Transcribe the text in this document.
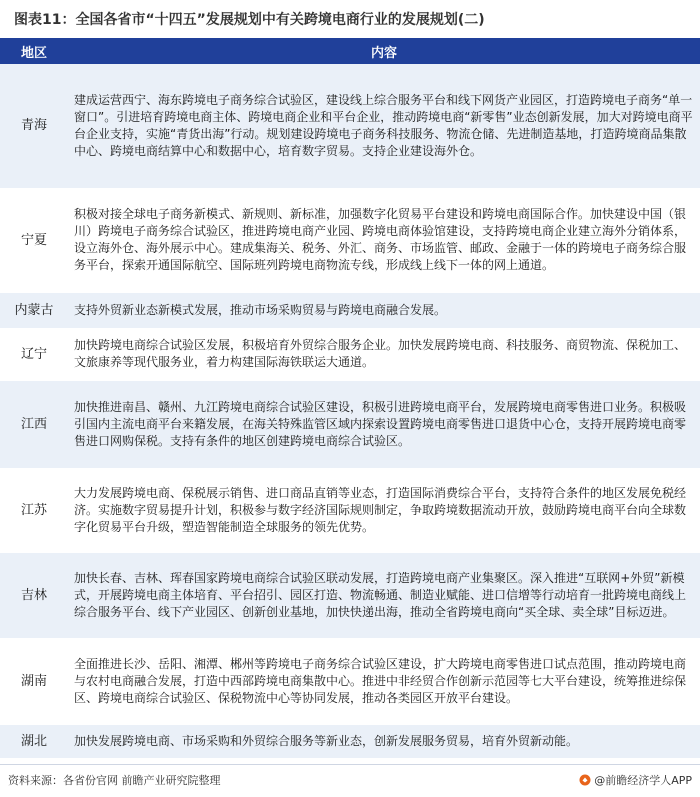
图表11：全国各省市“十四五”发展规划中有关跨境电商行业的发展规划(二)
地区	内容
青海	建成运营西宁、海东跨境电子商务综合试验区，建设线上综合服务平台和线下网货产业园区，打造跨境电子商务“单一窗口”。引进培育跨境电商主体、跨境电商企业和平台企业，推动跨境电商“新零售”业态创新发展，加大对跨境电商平台企业支持，实施“青货出海”行动。规划建设跨境电子商务科技服务、物流仓储、先进制造基地，打造跨境商品集散中心、跨境电商结算中心和数据中心，培育数字贸易。支持企业建设海外仓。
宁夏	积极对接全球电子商务新模式、新规则、新标准，加强数字化贸易平台建设和跨境电商国际合作。加快建设中国（银川）跨境电子商务综合试验区，推进跨境电商产业园、跨境电商体验馆建设，支持跨境电商企业建立海外分销体系，设立海外仓、海外展示中心。建成集海关、税务、外汇、商务、市场监管、邮政、金融于一体的跨境电子商务综合服务平台，探索开通国际航空、国际班列跨境电商物流专线，形成线上线下一体的网上通道。
内蒙古	支持外贸新业态新模式发展，推动市场采购贸易与跨境电商融合发展。
辽宁	加快跨境电商综合试验区发展，积极培育外贸综合服务企业。加快发展跨境电商、科技服务、商贸物流、保税加工、文旅康养等现代服务业，着力构建国际海铁联运大通道。
江西	加快推进南昌、赣州、九江跨境电商综合试验区建设，积极引进跨境电商平台，发展跨境电商零售进口业务。积极吸引国内主流电商平台来籍发展，在海关特殊监管区域内探索设置跨境电商零售进口退货中心仓，支持开展跨境电商零售进口网购保税。支持有条件的地区创建跨境电商综合试验区。
江苏	大力发展跨境电商、保税展示销售、进口商品直销等业态，打造国际消费综合平台，支持符合条件的地区发展免税经济。实施数字贸易提升计划，积极参与数字经济国际规则制定，争取跨境数据流动开放，鼓励跨境电商平台向全球数字化贸易平台升级，塑造智能制造全球服务的领先优势。
吉林	加快长春、吉林、珲春国家跨境电商综合试验区联动发展，打造跨境电商产业集聚区。深入推进“互联网+外贸”新模式，开展跨境电商主体培育、平台招引、园区打造、物流畅通、制造业赋能、进口信增等行动培育一批跨境电商线上综合服务平台、线下产业园区、创新创业基地，加快快递出海，推动全省跨境电商向“买全球、卖全球”目标迈进。
湖南	全面推进长沙、岳阳、湘潭、郴州等跨境电子商务综合试验区建设，扩大跨境电商零售进口试点范围，推动跨境电商与农村电商融合发展，打造中西部跨境电商集散中心。推进中非经贸合作创新示范园等七大平台建设，统筹推进综保区、跨境电商综合试验区、保税物流中心等协同发展，推动各类园区开放平台建设。
湖北	加快发展跨境电商、市场采购和外贸综合服务等新业态，创新发展服务贸易，培育外贸新动能。
资料来源：各省份官网 前瞻产业研究院整理	@前瞻经济学人APP
